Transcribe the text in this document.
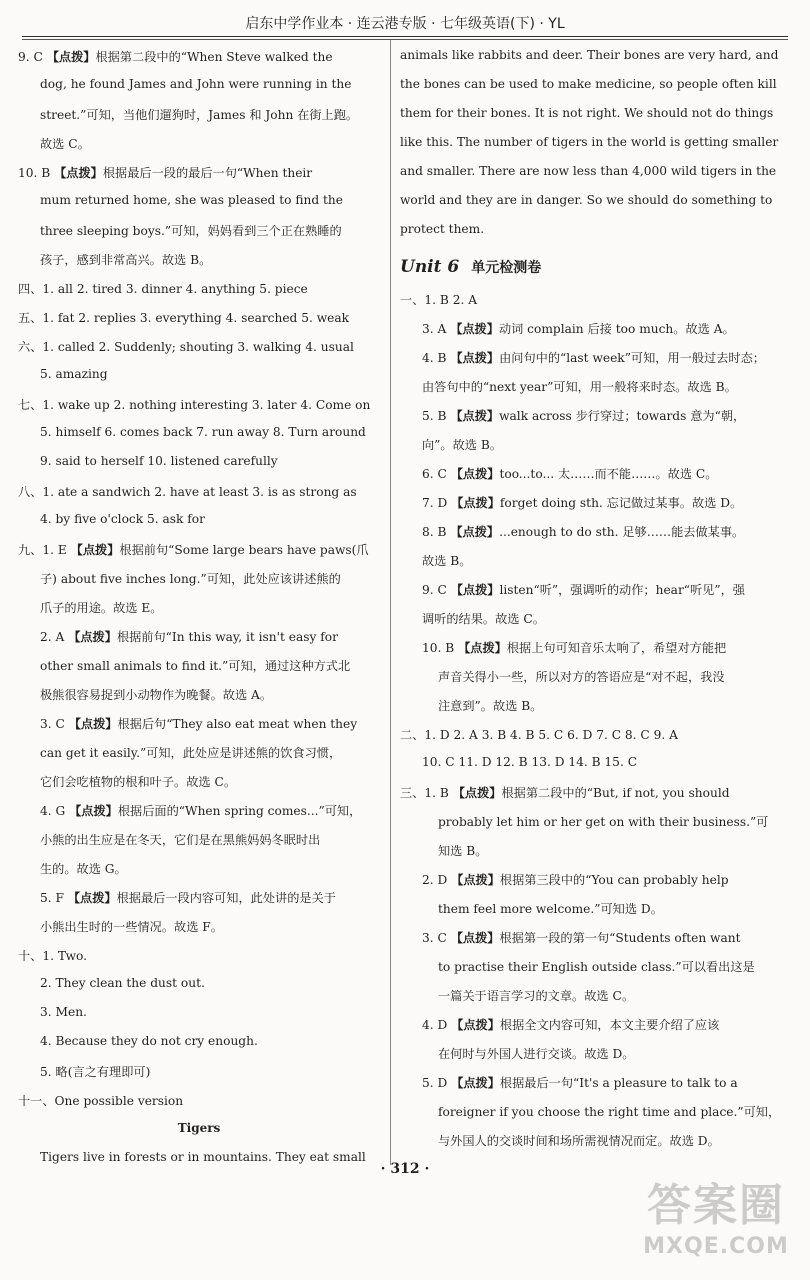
启东中学作业本 · 连云港专版 · 七年级英语(下) · YL
9. C 【点拨】根据第二段中的“When Steve walked the
dog, he found James and John were running in the
street.”可知，当他们遛狗时，James 和 John 在街上跑。
故选 C。
10. B 【点拨】根据最后一段的最后一句“When their
mum returned home, she was pleased to find the
three sleeping boys.”可知，妈妈看到三个正在熟睡的
孩子，感到非常高兴。故选 B。
四、1. all 2. tired 3. dinner 4. anything 5. piece
五、1. fat 2. replies 3. everything 4. searched 5. weak
六、1. called 2. Suddenly; shouting 3. walking 4. usual
5. amazing
七、1. wake up 2. nothing interesting 3. later 4. Come on
5. himself 6. comes back 7. run away 8. Turn around
9. said to herself 10. listened carefully
八、1. ate a sandwich 2. have at least 3. is as strong as
4. by five o'clock 5. ask for
九、1. E 【点拨】根据前句“Some large bears have paws(爪
子) about five inches long.”可知，此处应该讲述熊的
爪子的用途。故选 E。
2. A 【点拨】根据前句“In this way, it isn't easy for
other small animals to find it.”可知，通过这种方式北
极熊很容易捉到小动物作为晚餐。故选 A。
3. C 【点拨】根据后句“They also eat meat when they
can get it easily.”可知，此处应是讲述熊的饮食习惯，
它们会吃植物的根和叶子。故选 C。
4. G 【点拨】根据后面的“When spring comes...”可知，
小熊的出生应是在冬天，它们是在黑熊妈妈冬眠时出
生的。故选 G。
5. F 【点拨】根据最后一段内容可知，此处讲的是关于
小熊出生时的一些情况。故选 F。
十、1. Two.
2. They clean the dust out.
3. Men.
4. Because they do not cry enough.
5. 略(言之有理即可)
十一、One possible version
Tigers
Tigers live in forests or in mountains. They eat small
animals like rabbits and deer. Their bones are very hard, and
the bones can be used to make medicine, so people often kill
them for their bones. It is not right. We should not do things
like this. The number of tigers in the world is getting smaller
and smaller. There are now less than 4,000 wild tigers in the
world and they are in danger. So we should do something to
protect them.
Unit 6 单元检测卷
一、1. B 2. A
3. A 【点拨】动词 complain 后接 too much。故选 A。
4. B 【点拨】由问句中的“last week”可知，用一般过去时态；
由答句中的“next year”可知，用一般将来时态。故选 B。
5. B 【点拨】walk across 步行穿过；towards 意为“朝，
向”。故选 B。
6. C 【点拨】too...to... 太……而不能……。故选 C。
7. D 【点拨】forget doing sth. 忘记做过某事。故选 D。
8. B 【点拨】...enough to do sth. 足够……能去做某事。
故选 B。
9. C 【点拨】listen“听”，强调听的动作；hear“听见”，强
调听的结果。故选 C。
10. B 【点拨】根据上句可知音乐太响了，希望对方能把
声音关得小一些，所以对方的答语应是“对不起，我没
注意到”。故选 B。
二、1. D 2. A 3. B 4. B 5. C 6. D 7. C 8. C 9. A
10. C 11. D 12. B 13. D 14. B 15. C
三、1. B 【点拨】根据第二段中的“But, if not, you should
probably let him or her get on with their business.”可
知选 B。
2. D 【点拨】根据第三段中的“You can probably help
them feel more welcome.”可知选 D。
3. C 【点拨】根据第一段的第一句“Students often want
to practise their English outside class.”可以看出这是
一篇关于语言学习的文章。故选 C。
4. D 【点拨】根据全文内容可知，本文主要介绍了应该
在何时与外国人进行交谈。故选 D。
5. D 【点拨】根据最后一句“It's a pleasure to talk to a
foreigner if you choose the right time and place.”可知，
与外国人的交谈时间和场所需视情况而定。故选 D。
· 312 ·
答案圈
MXQE.COM
